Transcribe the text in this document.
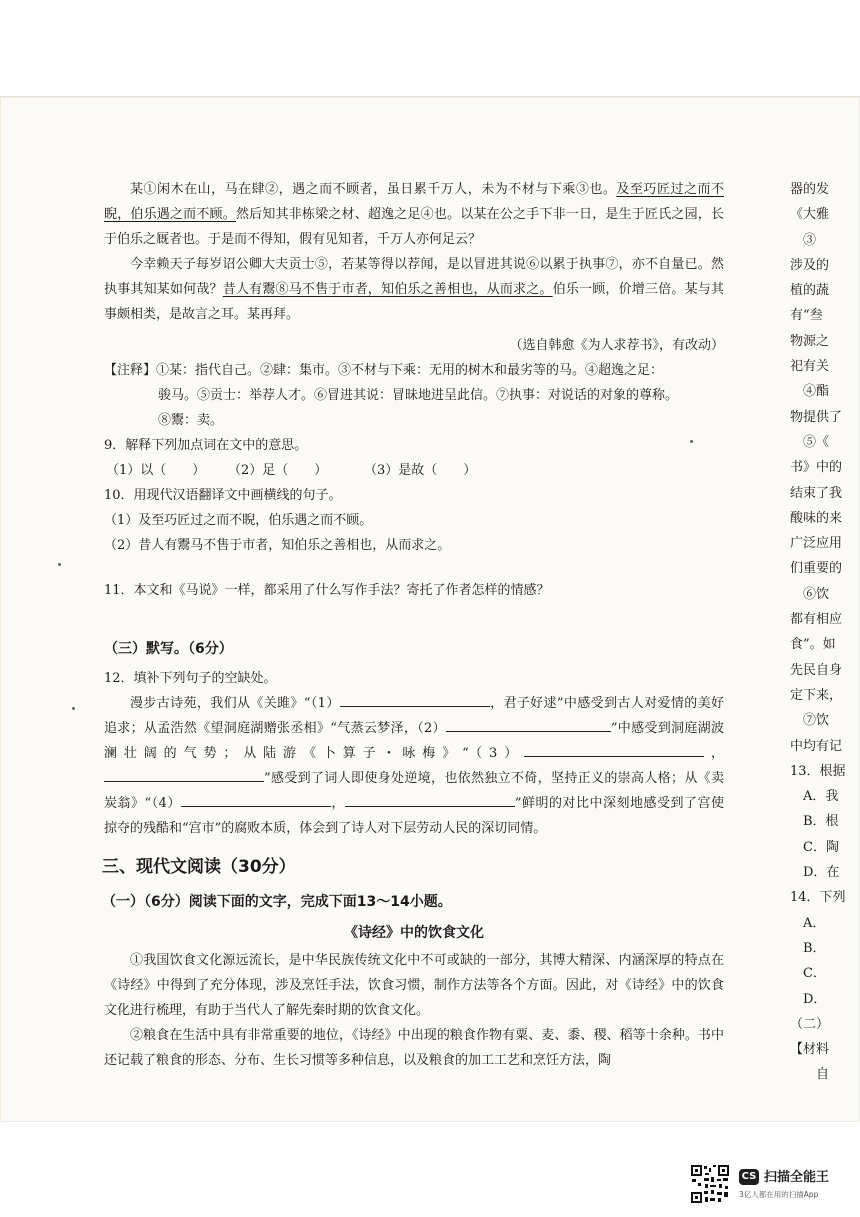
某①闲木在山，马在肆②，遇之而不顾者，虽日累千万人，未为不材与下乘③也。及至巧匠过之而不睨，伯乐遇之而不顾。然后知其非栋梁之材、超逸之足④也。以某在公之手下非一日，是生于匠氏之园，长于伯乐之厩者也。于是而不得知，假有见知者，千万人亦何足云？

今幸赖天子每岁诏公卿大夫贡士⑤，若某等得以荐闻，是以冒进其说⑥以累于执事⑦，亦不自量已。然执事其知某如何哉？昔人有鬻⑧马不售于市者，知伯乐之善相也，从而求之。伯乐一顾，价增三倍。某与其事颇相类，是故言之耳。某再拜。

（选自韩愈《为人求荐书》，有改动）

【注释】①某：指代自己。②肆：集市。③不材与下乘：无用的树木和最劣等的马。④超逸之足：

骏马。⑤贡士：举荐人才。⑥冒进其说：冒昧地进呈此信。⑦执事：对说话的对象的尊称。

⑧鬻：卖。

9．解释下列加点词在文中的意思。

（1）以（　　）	（2）足（　　）	（3）是故（　　）

10．用现代汉语翻译文中画横线的句子。

（1）及至巧匠过之而不睨，伯乐遇之而不顾。

（2）昔人有鬻马不售于市者，知伯乐之善相也，从而求之。

11．本文和《马说》一样，都采用了什么写作手法？寄托了作者怎样的情感？

（三）默写。（6分）

12．填补下列句子的空缺处。

漫步古诗苑，我们从《关雎》“（1）	，君子好逑”中感受到古人对爱情的美好追求；从孟浩然《望洞庭湖赠张丞相》“气蒸云梦泽，（2）	”中感受到洞庭湖波澜壮阔的气势；从陆游《卜算子・咏梅》“（3）	，”感受到了词人即使身处逆境，也依然独立不倚，坚持正义的崇高人格；从《卖炭翁》“（4）	，	”鲜明的对比中深刻地感受到了宫使掠夺的残酷和“宫市”的腐败本质，体会到了诗人对下层劳动人民的深切同情。

三、现代文阅读（30分）

（一）（6分）阅读下面的文字，完成下面13～14小题。

《诗经》中的饮食文化

①我国饮食文化源远流长，是中华民族传统文化中不可或缺的一部分，其博大精深、内涵深厚的特点在《诗经》中得到了充分体现，涉及烹饪手法，饮食习惯，制作方法等各个方面。因此，对《诗经》中的饮食文化进行梳理，有助于当代人了解先秦时期的饮食文化。

②粮食在生活中具有非常重要的地位，《诗经》中出现的粮食作物有粟、麦、黍、稷、稻等十余种。书中还记载了粮食的形态、分布、生长习惯等多种信息，以及粮食的加工工艺和烹饪方法，陶

器的发
《大雅
　③
涉及的
植的蔬
有“叁
物源之
祀有关
　④酯
物提供了
　⑤《
书》中的
结束了我
酸味的来
广泛应用
们重要的
　⑥饮
都有相应
食”。如
先民自身
定下来，
　⑦饮
中均有记
13．根据
　A．我
　B．根
　C．陶
　D．在
14．下列
　A．
　B．
　C．
　D．
（二）
【材料
　　自
CS 扫描全能王
3亿人都在用的扫描App
